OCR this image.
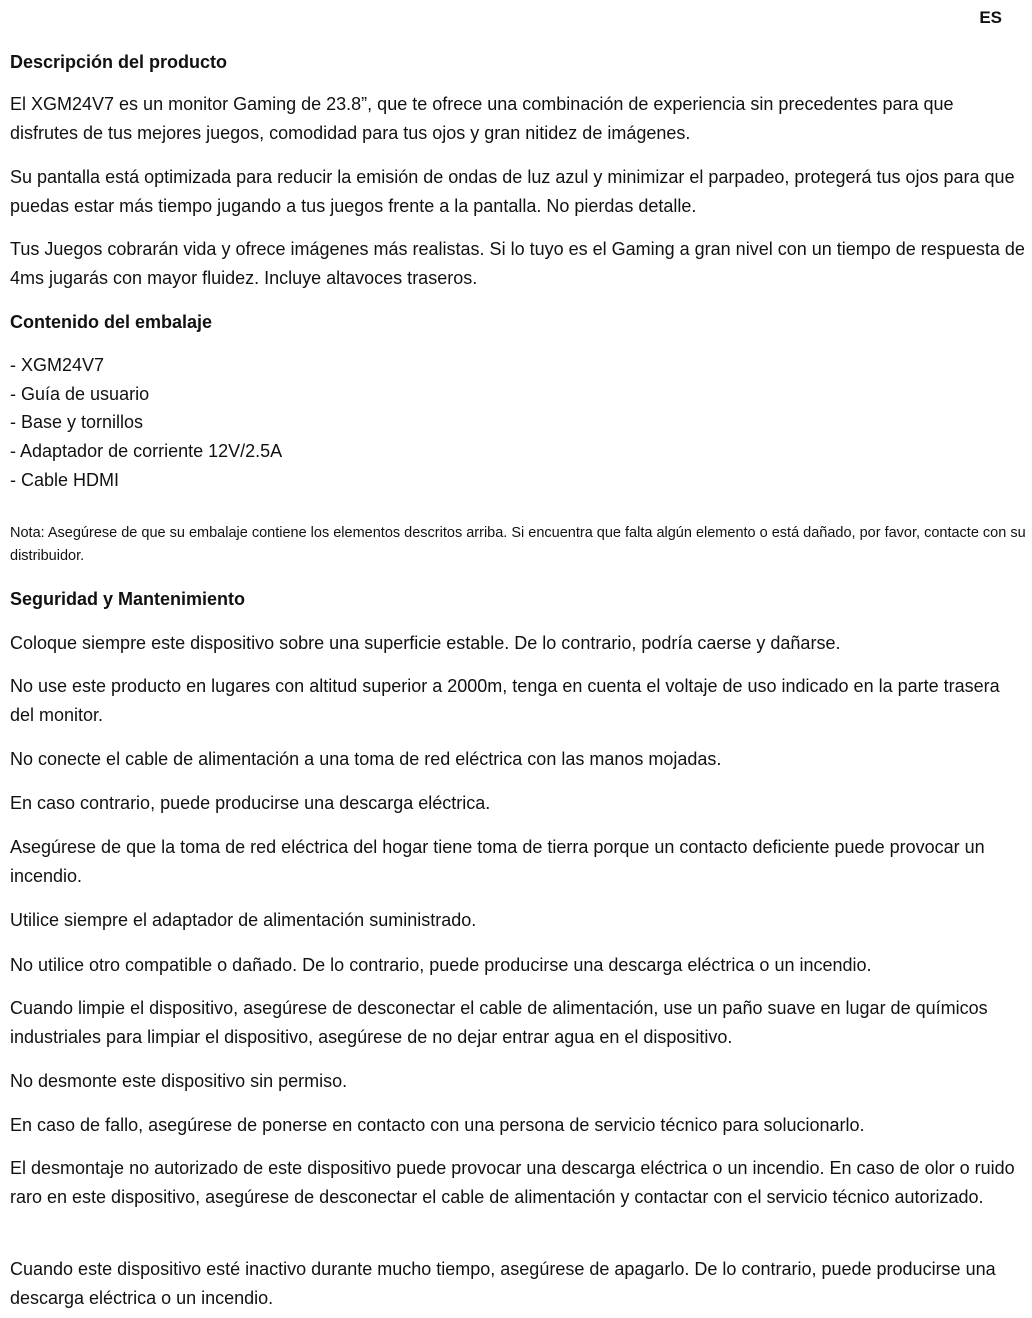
ES
Descripción del producto

El XGM24V7 es un monitor Gaming de 23.8”, que te ofrece una combinación de experiencia sin precedentes para que disfrutes de tus mejores juegos, comodidad para tus ojos y gran nitidez de imágenes.

Su pantalla está optimizada para reducir la emisión de ondas de luz azul y minimizar el parpadeo, protegerá tus ojos para que puedas estar más tiempo jugando a tus juegos frente a la pantalla. No pierdas detalle.

Tus Juegos cobrarán vida y ofrece imágenes más realistas. Si lo tuyo es el Gaming a gran nivel con un tiempo de respuesta de 4ms jugarás con mayor fluidez. Incluye altavoces traseros.

Contenido del embalaje

- XGM24V7

- Guía de usuario

- Base y tornillos

- Adaptador de corriente 12V/2.5A

- Cable HDMI

Nota: Asegúrese de que su embalaje contiene los elementos descritos arriba. Si encuentra que falta algún elemento o está dañado, por favor, contacte con su distribuidor.

Seguridad y Mantenimiento

Coloque siempre este dispositivo sobre una superficie estable. De lo contrario, podría caerse y dañarse.

No use este producto en lugares con altitud superior a 2000m, tenga en cuenta el voltaje de uso indicado en la parte trasera del monitor.

No conecte el cable de alimentación a una toma de red eléctrica con las manos mojadas.

En caso contrario, puede producirse una descarga eléctrica.

Asegúrese de que la toma de red eléctrica del hogar tiene toma de tierra porque un contacto deficiente puede provocar un incendio.

Utilice siempre el adaptador de alimentación suministrado.

No utilice otro compatible o dañado. De lo contrario, puede producirse una descarga eléctrica o un incendio.

Cuando limpie el dispositivo, asegúrese de desconectar el cable de alimentación, use un paño suave en lugar de químicos industriales para limpiar el dispositivo, asegúrese de no dejar entrar agua en el dispositivo.

No desmonte este dispositivo sin permiso.

En caso de fallo, asegúrese de ponerse en contacto con una persona de servicio técnico para solucionarlo.

El desmontaje no autorizado de este dispositivo puede provocar una descarga eléctrica o un incendio. En caso de olor o ruido raro en este dispositivo, asegúrese de desconectar el cable de alimentación y contactar con el servicio técnico autorizado.

Cuando este dispositivo esté inactivo durante mucho tiempo, asegúrese de apagarlo. De lo contrario, puede producirse una descarga eléctrica o un incendio.
